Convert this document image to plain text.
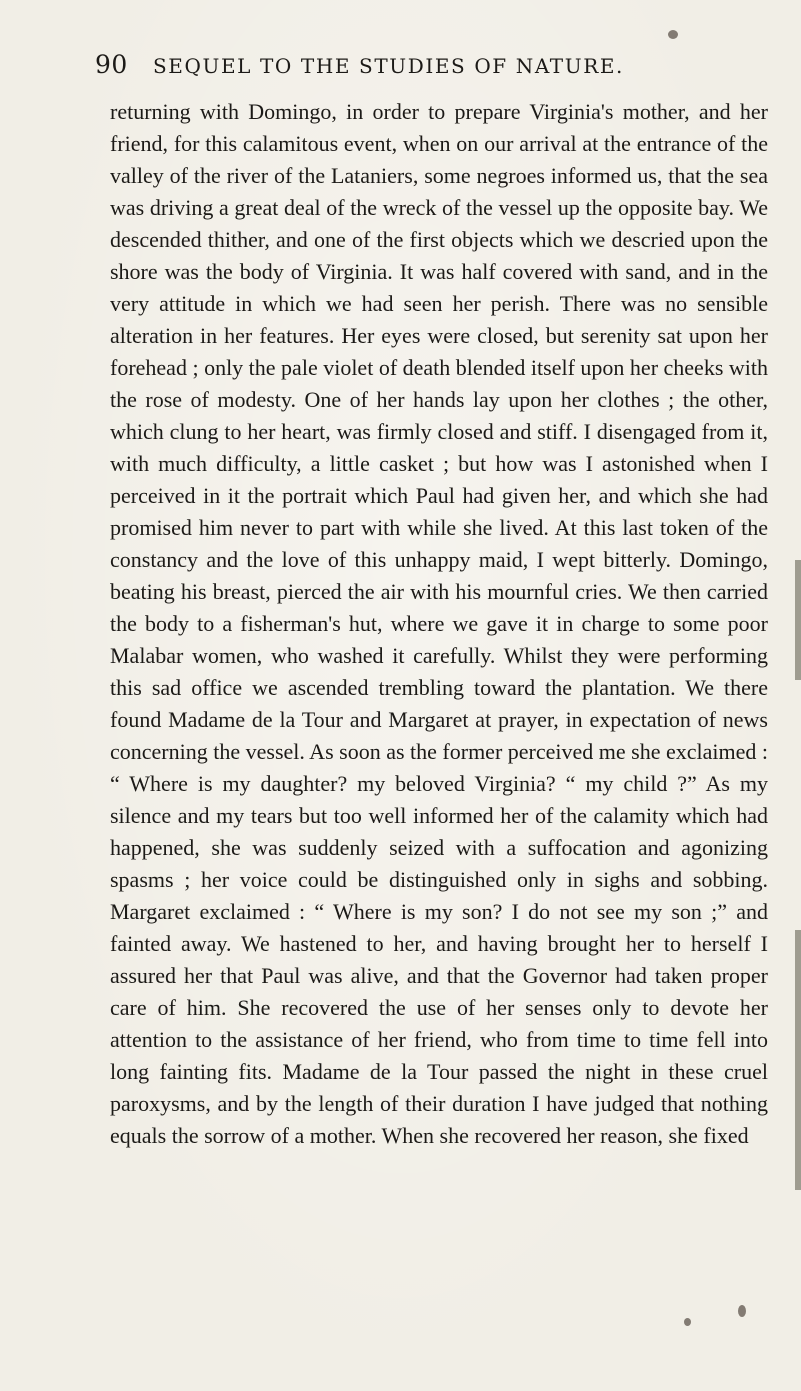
90 SEQUEL TO THE STUDIES OF NATURE.

returning with Domingo, in order to prepare Virginia's mother, and her friend, for this calamitous event, when on our arrival at the entrance of the valley of the river of the Lataniers, some negroes informed us, that the sea was driving a great deal of the wreck of the vessel up the opposite bay. We descended thither, and one of the first objects which we descried upon the shore was the body of Virginia. It was half covered with sand, and in the very attitude in which we had seen her perish. There was no sensible alteration in her features. Her eyes were closed, but serenity sat upon her forehead ; only the pale violet of death blended itself upon her cheeks with the rose of modesty. One of her hands lay upon her clothes ; the other, which clung to her heart, was firmly closed and stiff. I disengaged from it, with much difficulty, a little casket ; but how was I astonished when I perceived in it the portrait which Paul had given her, and which she had promised him never to part with while she lived. At this last token of the constancy and the love of this unhappy maid, I wept bitterly. Domingo, beating his breast, pierced the air with his mournful cries. We then carried the body to a fisherman's hut, where we gave it in charge to some poor Malabar women, who washed it carefully. Whilst they were performing this sad office we ascended trembling toward the plantation. We there found Madame de la Tour and Margaret at prayer, in expectation of news concerning the vessel. As soon as the former perceived me she exclaimed : “ Where is my daughter? my beloved Virginia? “ my child ?” As my silence and my tears but too well informed her of the calamity which had happened, she was suddenly seized with a suffocation and agonizing spasms ; her voice could be distinguished only in sighs and sobbing. Margaret exclaimed : “ Where is my son? I do not see my son ;” and fainted away. We hastened to her, and having brought her to herself I assured her that Paul was alive, and that the Governor had taken proper care of him. She recovered the use of her senses only to devote her attention to the assistance of her friend, who from time to time fell into long fainting fits. Madame de la Tour passed the night in these cruel paroxysms, and by the length of their duration I have judged that nothing equals the sorrow of a mother. When she recovered her reason, she fixed
